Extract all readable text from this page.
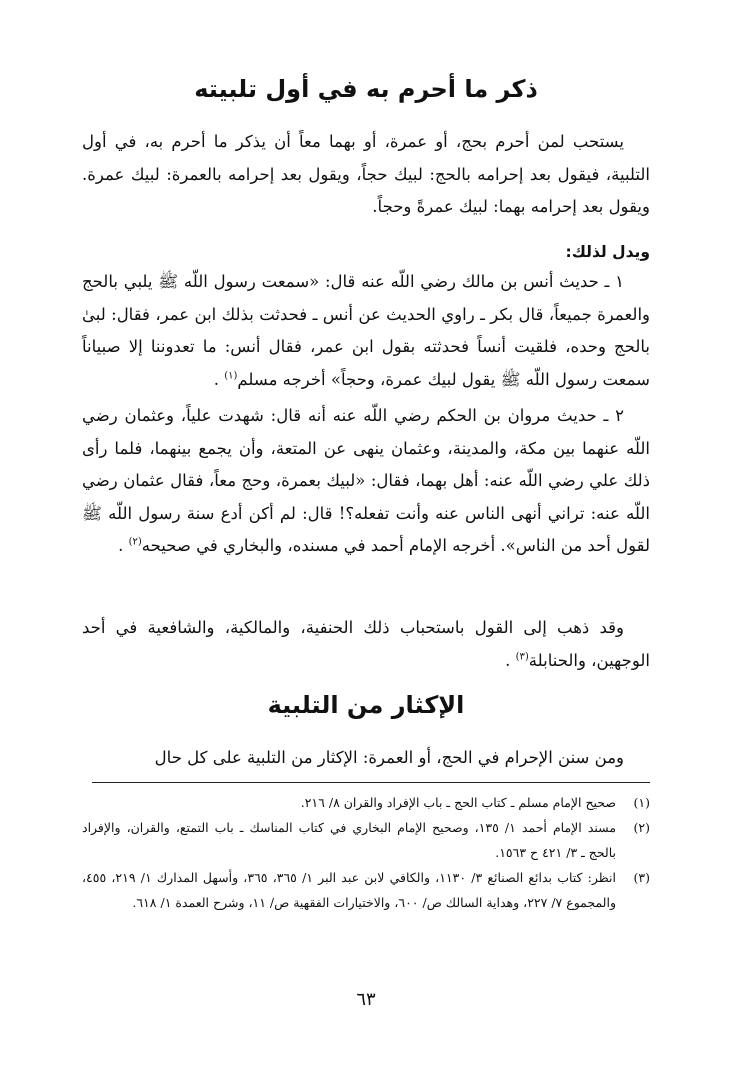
ذكر ما أحرم به في أول تلبيته

يستحب لمن أحرم بحج، أو عمرة، أو بهما معاً أن يذكر ما أحرم به، في أول التلبية، فيقول بعد إحرامه بالحج: لبيك حجاً، ويقول بعد إحرامه بالعمرة: لبيك عمرة. ويقول بعد إحرامه بهما: لبيك عمرةً وحجاً.

ويدل لذلك:

١ ـ حديث أنس بن مالك رضي اللّه عنه قال: «سمعت رسول اللّه ﷺ يلبي بالحج والعمرة جميعاً، قال بكر ـ راوي الحديث عن أنس ـ فحدثت بذلك ابن عمر، فقال: لبىٰ بالحج وحده، فلقيت أنساً فحدثته بقول ابن عمر، فقال أنس: ما تعدوننا إلا صبياناً سمعت رسول اللّه ﷺ يقول لبيك عمرة، وحجاً» أخرجه مسلم$^{(١)}$ .

٢ ـ حديث مروان بن الحكم رضي اللّه عنه أنه قال: شهدت علياً، وعثمان رضي اللّه عنهما بين مكة، والمدينة، وعثمان ينهى عن المتعة، وأن يجمع بينهما، فلما رأى ذلك علي رضي اللّه عنه: أهل بهما، فقال: «لبيك بعمرة، وحج معاً، فقال عثمان رضي اللّه عنه: تراني أنهى الناس عنه وأنت تفعله؟! قال: لم أكن أدع سنة رسول اللّه ﷺ لقول أحد من الناس». أخرجه الإمام أحمد في مسنده، والبخاري في صحيحه$^{(٢)}$ .

وقد ذهب إلى القول باستحباب ذلك الحنفية، والمالكية، والشافعية في أحد الوجهين، والحنابلة$^{(٣)}$ .

الإكثار من التلبية

ومن سنن الإحرام في الحج، أو العمرة: الإكثار من التلبية على كل حال

(١)
صحيح الإمام مسلم ـ كتاب الحج ـ باب الإفراد والقران ٨/ ٢١٦.
(٢)
مسند الإمام أحمد ١/ ١٣٥، وصحيح الإمام البخاري في كتاب المناسك ـ باب التمتع، والقران، والإفراد بالحج ـ ٣/ ٤٢١ ح ١٥٦٣.
(٣)
انظر: كتاب بدائع الصنائع ٣/ ١١٣٠، والكافي لابن عبد البر ١/ ٣٦٥، ٣٦٥، وأسهل المدارك ١/ ٢١٩، ٤٥٥، والمجموع ٧/ ٢٢٧، وهداية السالك ص/ ٦٠٠، والاختيارات الفقهية ص/ ١١، وشرح العمدة ١/ ٦١٨.
٦٣
